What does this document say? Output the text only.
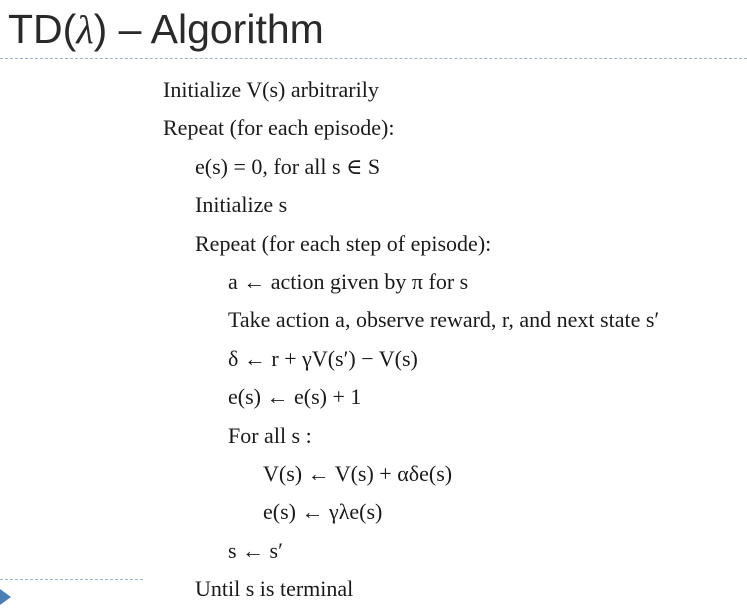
TD(λ) – Algorithm
Initialize V(s) arbitrarily
Repeat (for each episode):
e(s) = 0, for all s ∈ S
Initialize s
Repeat (for each step of episode):
a ← action given by π for s
Take action a, observe reward, r, and next state s′
δ ← r + γV(s′) − V(s)
e(s) ← e(s) + 1
For all s :
V(s) ← V(s) + αδe(s)
e(s) ← γλe(s)
s ← s′
Until s is terminal
